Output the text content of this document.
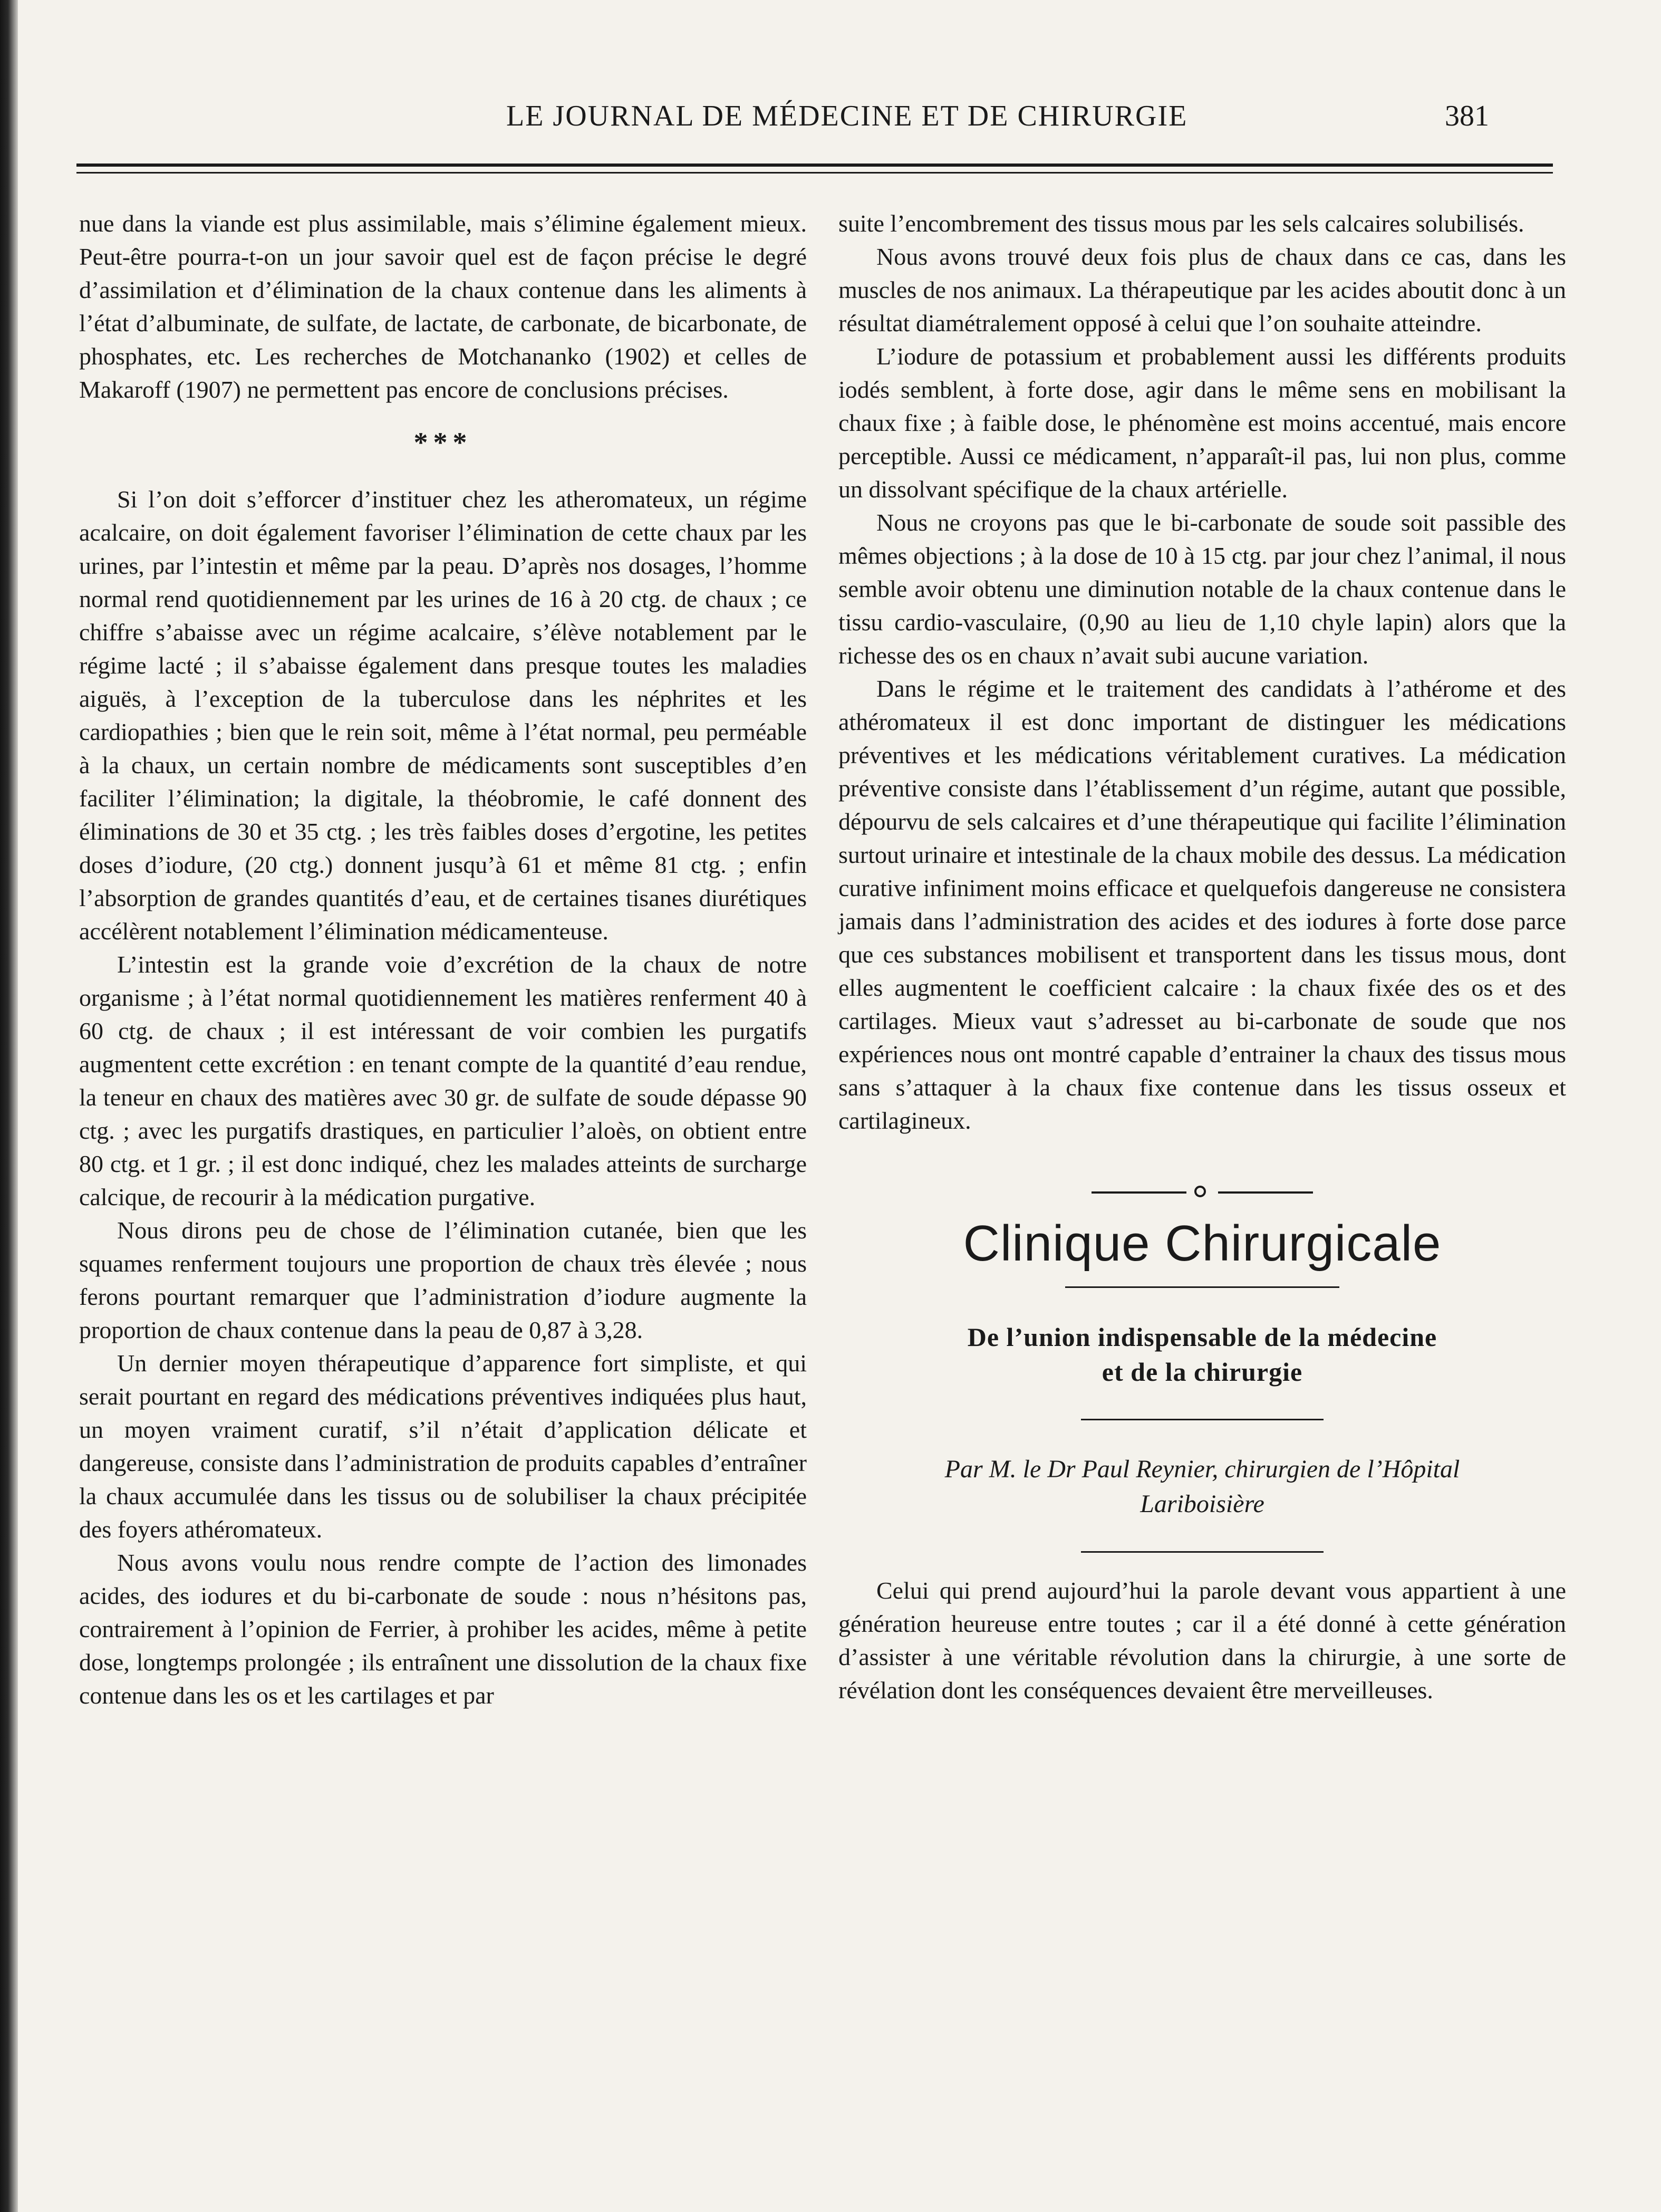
LE JOURNAL DE MÉDECINE ET DE CHIRURGIE	381

nue dans la viande est plus assimilable, mais s’élimine également mieux. Peut-être pourra-t-on un jour savoir quel est de façon précise le degré d’assimilation et d’élimination de la chaux contenue dans les aliments à l’état d’albuminate, de sulfate, de lactate, de carbonate, de bicarbonate, de phosphates, etc. Les recherches de Motchananko (1902) et celles de Makaroff (1907) ne permettent pas encore de conclusions précises.

***

Si l’on doit s’efforcer d’instituer chez les atheromateux, un régime acalcaire, on doit également favoriser l’élimination de cette chaux par les urines, par l’intestin et même par la peau. D’après nos dosages, l’homme normal rend quotidiennement par les urines de 16 à 20 ctg. de chaux ; ce chiffre s’abaisse avec un régime acalcaire, s’élève notablement par le régime lacté ; il s’abaisse également dans presque toutes les maladies aiguës, à l’exception de la tuberculose dans les néphrites et les cardiopathies ; bien que le rein soit, même à l’état normal, peu perméable à la chaux, un certain nombre de médicaments sont susceptibles d’en faciliter l’élimination; la digitale, la théobromie, le café donnent des éliminations de 30 et 35 ctg. ; les très faibles doses d’ergotine, les petites doses d’iodure, (20 ctg.) donnent jusqu’à 61 et même 81 ctg. ; enfin l’absorption de grandes quantités d’eau, et de certaines tisanes diurétiques accélèrent notablement l’élimination médicamenteuse.

L’intestin est la grande voie d’excrétion de la chaux de notre organisme ; à l’état normal quotidiennement les matières renferment 40 à 60 ctg. de chaux ; il est intéressant de voir combien les purgatifs augmentent cette excrétion : en tenant compte de la quantité d’eau rendue, la teneur en chaux des matières avec 30 gr. de sulfate de soude dépasse 90 ctg. ; avec les purgatifs drastiques, en particulier l’aloès, on obtient entre 80 ctg. et 1 gr. ; il est donc indiqué, chez les malades atteints de surcharge calcique, de recourir à la médication purgative.

Nous dirons peu de chose de l’élimination cutanée, bien que les squames renferment toujours une proportion de chaux très élevée ; nous ferons pourtant remarquer que l’administration d’iodure augmente la proportion de chaux contenue dans la peau de 0,87 à 3,28.

Un dernier moyen thérapeutique d’apparence fort simpliste, et qui serait pourtant en regard des médications préventives indiquées plus haut, un moyen vraiment curatif, s’il n’était d’application délicate et dangereuse, consiste dans l’administration de produits capables d’entraîner la chaux accumulée dans les tissus ou de solubiliser la chaux précipitée des foyers athéromateux.

Nous avons voulu nous rendre compte de l’action des limonades acides, des iodures et du bi-carbonate de soude : nous n’hésitons pas, contrairement à l’opinion de Ferrier, à prohiber les acides, même à petite dose, longtemps prolongée ; ils entraînent une dissolution de la chaux fixe contenue dans les os et les cartilages et par

suite l’encombrement des tissus mous par les sels calcaires solubilisés.

Nous avons trouvé deux fois plus de chaux dans ce cas, dans les muscles de nos animaux. La thérapeutique par les acides aboutit donc à un résultat diamétralement opposé à celui que l’on souhaite atteindre.

L’iodure de potassium et probablement aussi les différents produits iodés semblent, à forte dose, agir dans le même sens en mobilisant la chaux fixe ; à faible dose, le phénomène est moins accentué, mais encore perceptible. Aussi ce médicament, n’apparaît-il pas, lui non plus, comme un dissolvant spécifique de la chaux artérielle.

Nous ne croyons pas que le bi-carbonate de soude soit passible des mêmes objections ; à la dose de 10 à 15 ctg. par jour chez l’animal, il nous semble avoir obtenu une diminution notable de la chaux contenue dans le tissu cardio-vasculaire, (0,90 au lieu de 1,10 chyle lapin) alors que la richesse des os en chaux n’avait subi aucune variation.

Dans le régime et le traitement des candidats à l’athérome et des athéromateux il est donc important de distinguer les médications préventives et les médications véritablement curatives. La médication préventive consiste dans l’établissement d’un régime, autant que possible, dépourvu de sels calcaires et d’une thérapeutique qui facilite l’élimination surtout urinaire et intestinale de la chaux mobile des dessus. La médication curative infiniment moins efficace et quelquefois dangereuse ne consistera jamais dans l’administration des acides et des iodures à forte dose parce que ces substances mobilisent et transportent dans les tissus mous, dont elles augmentent le coefficient calcaire : la chaux fixée des os et des cartilages. Mieux vaut s’adresset au bi-carbonate de soude que nos expériences nous ont montré capable d’entrainer la chaux des tissus mous sans s’attaquer à la chaux fixe contenue dans les tissus osseux et cartilagineux.

Clinique Chirurgicale
De l’union indispensable de la médecine
et de la chirurgie
Par M. le Dr Paul Reynier, chirurgien de l’Hôpital
Lariboisière

Celui qui prend aujourd’hui la parole devant vous appartient à une génération heureuse entre toutes ; car il a été donné à cette génération d’assister à une véritable révolution dans la chirurgie, à une sorte de révélation dont les conséquences devaient être merveilleuses.
